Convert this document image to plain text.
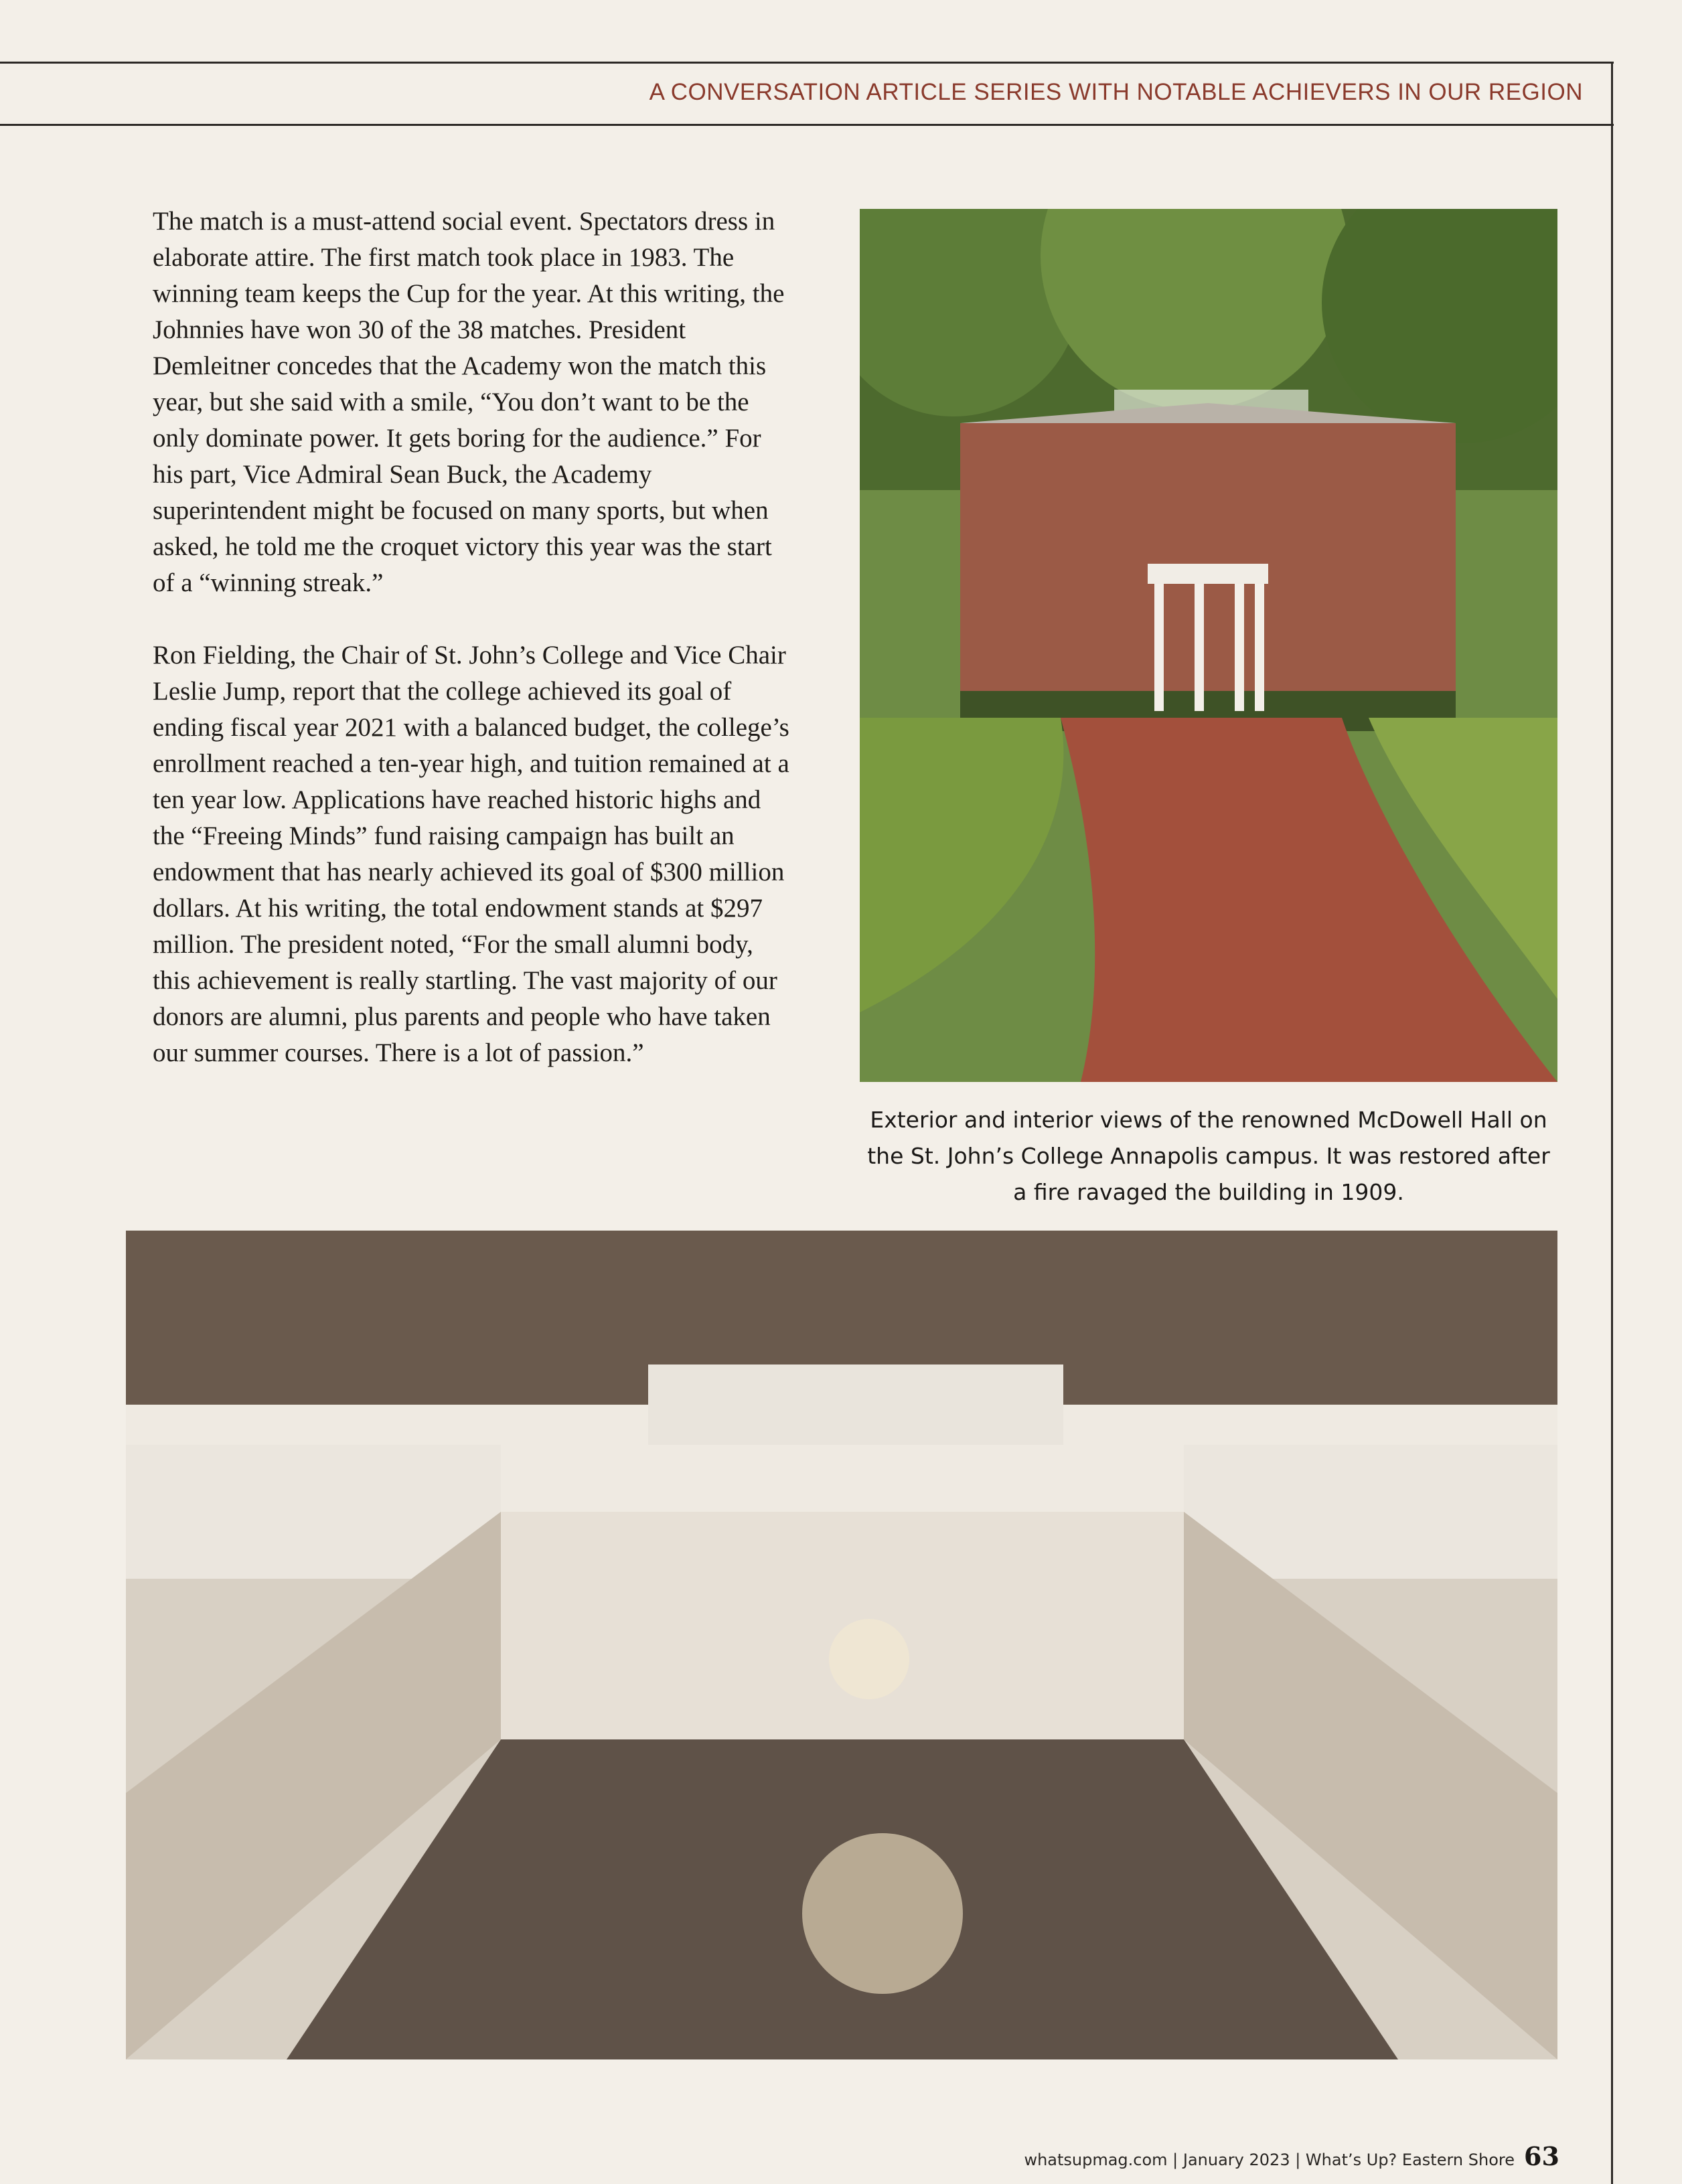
A CONVERSATION ARTICLE SERIES WITH NOTABLE ACHIEVERS IN OUR REGION

The match is a must-attend social event. Spectators dress in elaborate attire. The first match took place in 1983. The winning team keeps the Cup for the year. At this writing, the Johnnies have won 30 of the 38 matches. President Demleitner concedes that the Academy won the match this year, but she said with a smile, “You don’t want to be the only dominate power. It gets boring for the audience.” For his part, Vice Admiral Sean Buck, the Academy superintendent might be focused on many sports, but when asked, he told me the croquet victory this year was the start of a “winning streak.”

Ron Fielding, the Chair of St. John’s College and Vice Chair Leslie Jump, report that the college achieved its goal of ending fiscal year 2021 with a balanced budget, the college’s enrollment reached a ten-year high, and tuition remained at a ten year low. Applications have reached historic highs and the “Freeing Minds” fund raising campaign has built an endowment that has nearly achieved its goal of $300 million dollars. At his writing, the total endowment stands at $297 million. The president noted, “For the small alumni body, this achievement is really startling. The vast majority of our donors are alumni, plus parents and people who have taken our summer courses. There is a lot of passion.”

Exterior and interior views of the renowned McDowell Hall on the St. John’s College Annapolis campus. It was restored after a fire ravaged the building in 1909.
whatsupmag.com | January 2023 | What’s Up? Eastern Shore 63
